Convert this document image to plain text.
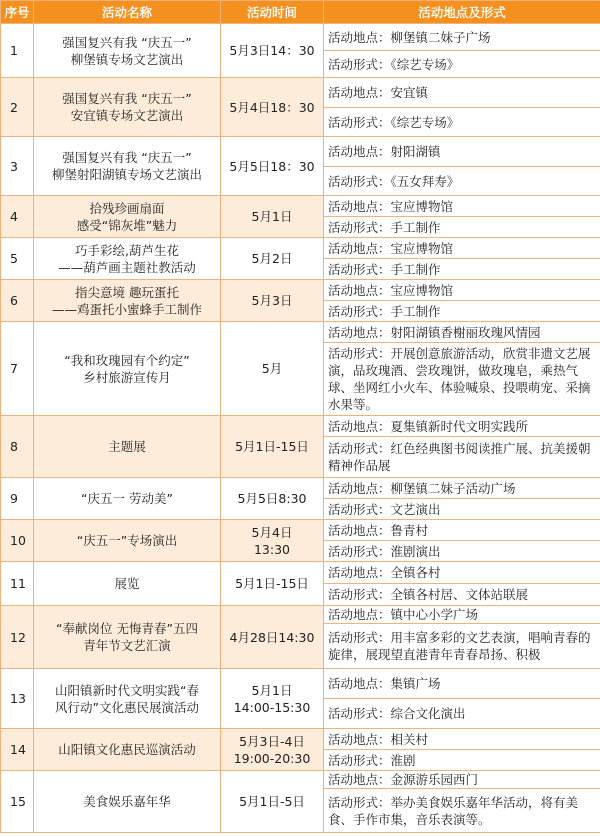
序号	活动名称	活动时间	活动地点及形式
1	强国复兴有我 “庆五一”
柳堡镇专场文艺演出	5月3日14：30	活动地点：柳堡镇二妹子广场
			活动形式：《综艺专场》
2	强国复兴有我 “庆五一”
安宜镇专场文艺演出	5月4日18：30	活动地点：安宜镇
			活动形式：《综艺专场》
3	强国复兴有我 “庆五一”
柳堡射阳湖镇专场文艺演出	5月5日18：30	活动地点：射阳湖镇
			活动形式：《五女拜寿》
4	拾残珍画扇面
感受“锦灰堆”魅力	5月1日	活动地点：宝应博物馆
			活动形式：手工制作
5	巧手彩绘,葫芦生花
——葫芦画主题社教活动	5月2日	活动地点：宝应博物馆
			活动形式：手工制作
6	指尖意境 趣玩蛋托
——鸡蛋托小蜜蜂手工制作	5月3日	活动地点：宝应博物馆
			活动形式：手工制作
7	“我和玫瑰园有个约定”
乡村旅游宣传月	5月	活动地点：射阳湖镇香榭丽玫瑰风情园
			活动形式：开展创意旅游活动，欣赏非遗文艺展演，品玫瑰酒、尝玫瑰饼，做玫瑰皂，乘热气球、坐网红小火车、体验喊泉、投喂萌宠、采摘水果等。
8	主题展	5月1日-15日	活动地点：夏集镇新时代文明实践所
			活动形式：红色经典图书阅读推广展、抗美援朝精神作品展
9	“庆五一 劳动美”	5月5日8:30	活动地点：柳堡镇二妹子活动广场
			活动形式：文艺演出
10	“庆五一”专场演出	5月4日
13:30	活动地点：鲁青村
			活动形式：淮剧演出
11	展览	5月1日-15日	活动地点：全镇各村
			活动形式：全镇各村居、文体站联展
12	“奉献岗位 无悔青春”五四
青年节文艺汇演	4月28日14:30	活动地点：镇中心小学广场
			活动形式：用丰富多彩的文艺表演，唱响青春的旋律，展现望直港青年青春昂扬、积极
13	山阳镇新时代文明实践“春
风行动”文化惠民展演活动	5月1日
14:00-15:30	活动地点：集镇广场
			活动形式：综合文化演出
14	山阳镇文化惠民巡演活动	5月3日-4日
19:00-20:30	活动地点：相关村
			活动形式：淮剧
15	美食娱乐嘉年华	5月1日-5日	活动地点：金源游乐园西门
			活动形式：举办美食娱乐嘉年华活动，将有美食、手作市集，音乐表演等。
